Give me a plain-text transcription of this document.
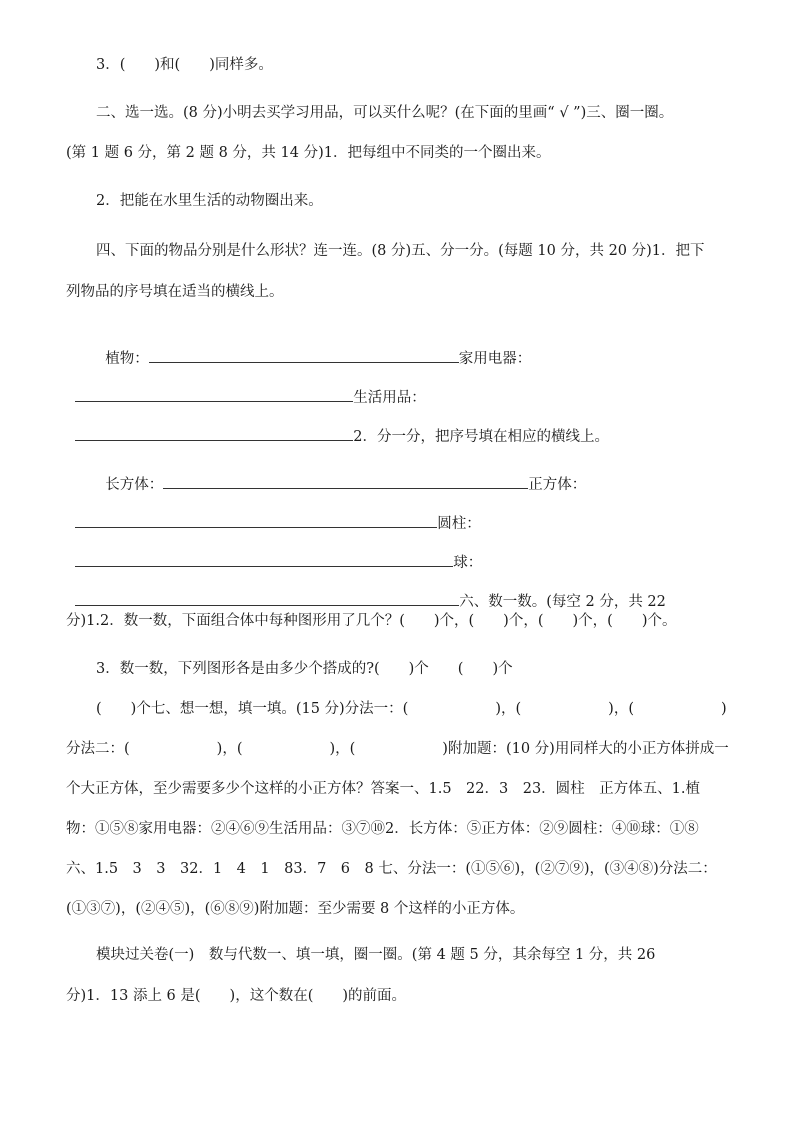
3．(　　)和(　　)同样多。
二、选一选。(8 分)小明去买学习用品，可以买什么呢？(在下面的里画“ √ ”)三、圈一圈。
(第 1 题 6 分，第 2 题 8 分，共 14 分)1．把每组中不同类的一个圈出来。
2．把能在水里生活的动物圈出来。
四、下面的物品分别是什么形状？连一连。(8 分)五、分一分。(每题 10 分，共 20 分)1．把下
列物品的序号填在适当的横线上。

植物：	家用电器：

生活用品：

2．分一分，把序号填在相应的横线上。

长方体：	正方体：

圆柱：

球：

六、数一数。(每空 2 分，共 22

分)1.2．数一数，下面组合体中每种图形用了几个？(　　)个，(　　)个，(　　)个，(　　)个。
3．数一数，下列图形各是由多少个搭成的?(　　)个　　(　　)个
(　　)个七、想一想，填一填。(15 分)分法一：(　　　　　　)，(　　　　　　)，(　　　　　　)
分法二：(　　　　　　)，(　　　　　　)，(　　　　　　)附加题：(10 分)用同样大的小正方体拼成一
个大正方体，至少需要多少个这样的小正方体？答案一、1.5　22．3　23．圆柱　正方体五、1.植
物：①⑤⑧家用电器：②④⑥⑨生活用品：③⑦⑩2．长方体：⑤正方体：②⑨圆柱：④⑩球：①⑧
六、1.5　3　3　32．1　4　1　83．7　6　8 七、分法一：(①⑤⑥)，(②⑦⑨)，(③④⑧)分法二：
(①③⑦)，(②④⑤)，(⑥⑧⑨)附加题：至少需要 8 个这样的小正方体。
模块过关卷(一)　数与代数一、填一填，圈一圈。(第 4 题 5 分，其余每空 1 分，共 26
分)1．13 添上 6 是(　　)，这个数在(　　)的前面。
